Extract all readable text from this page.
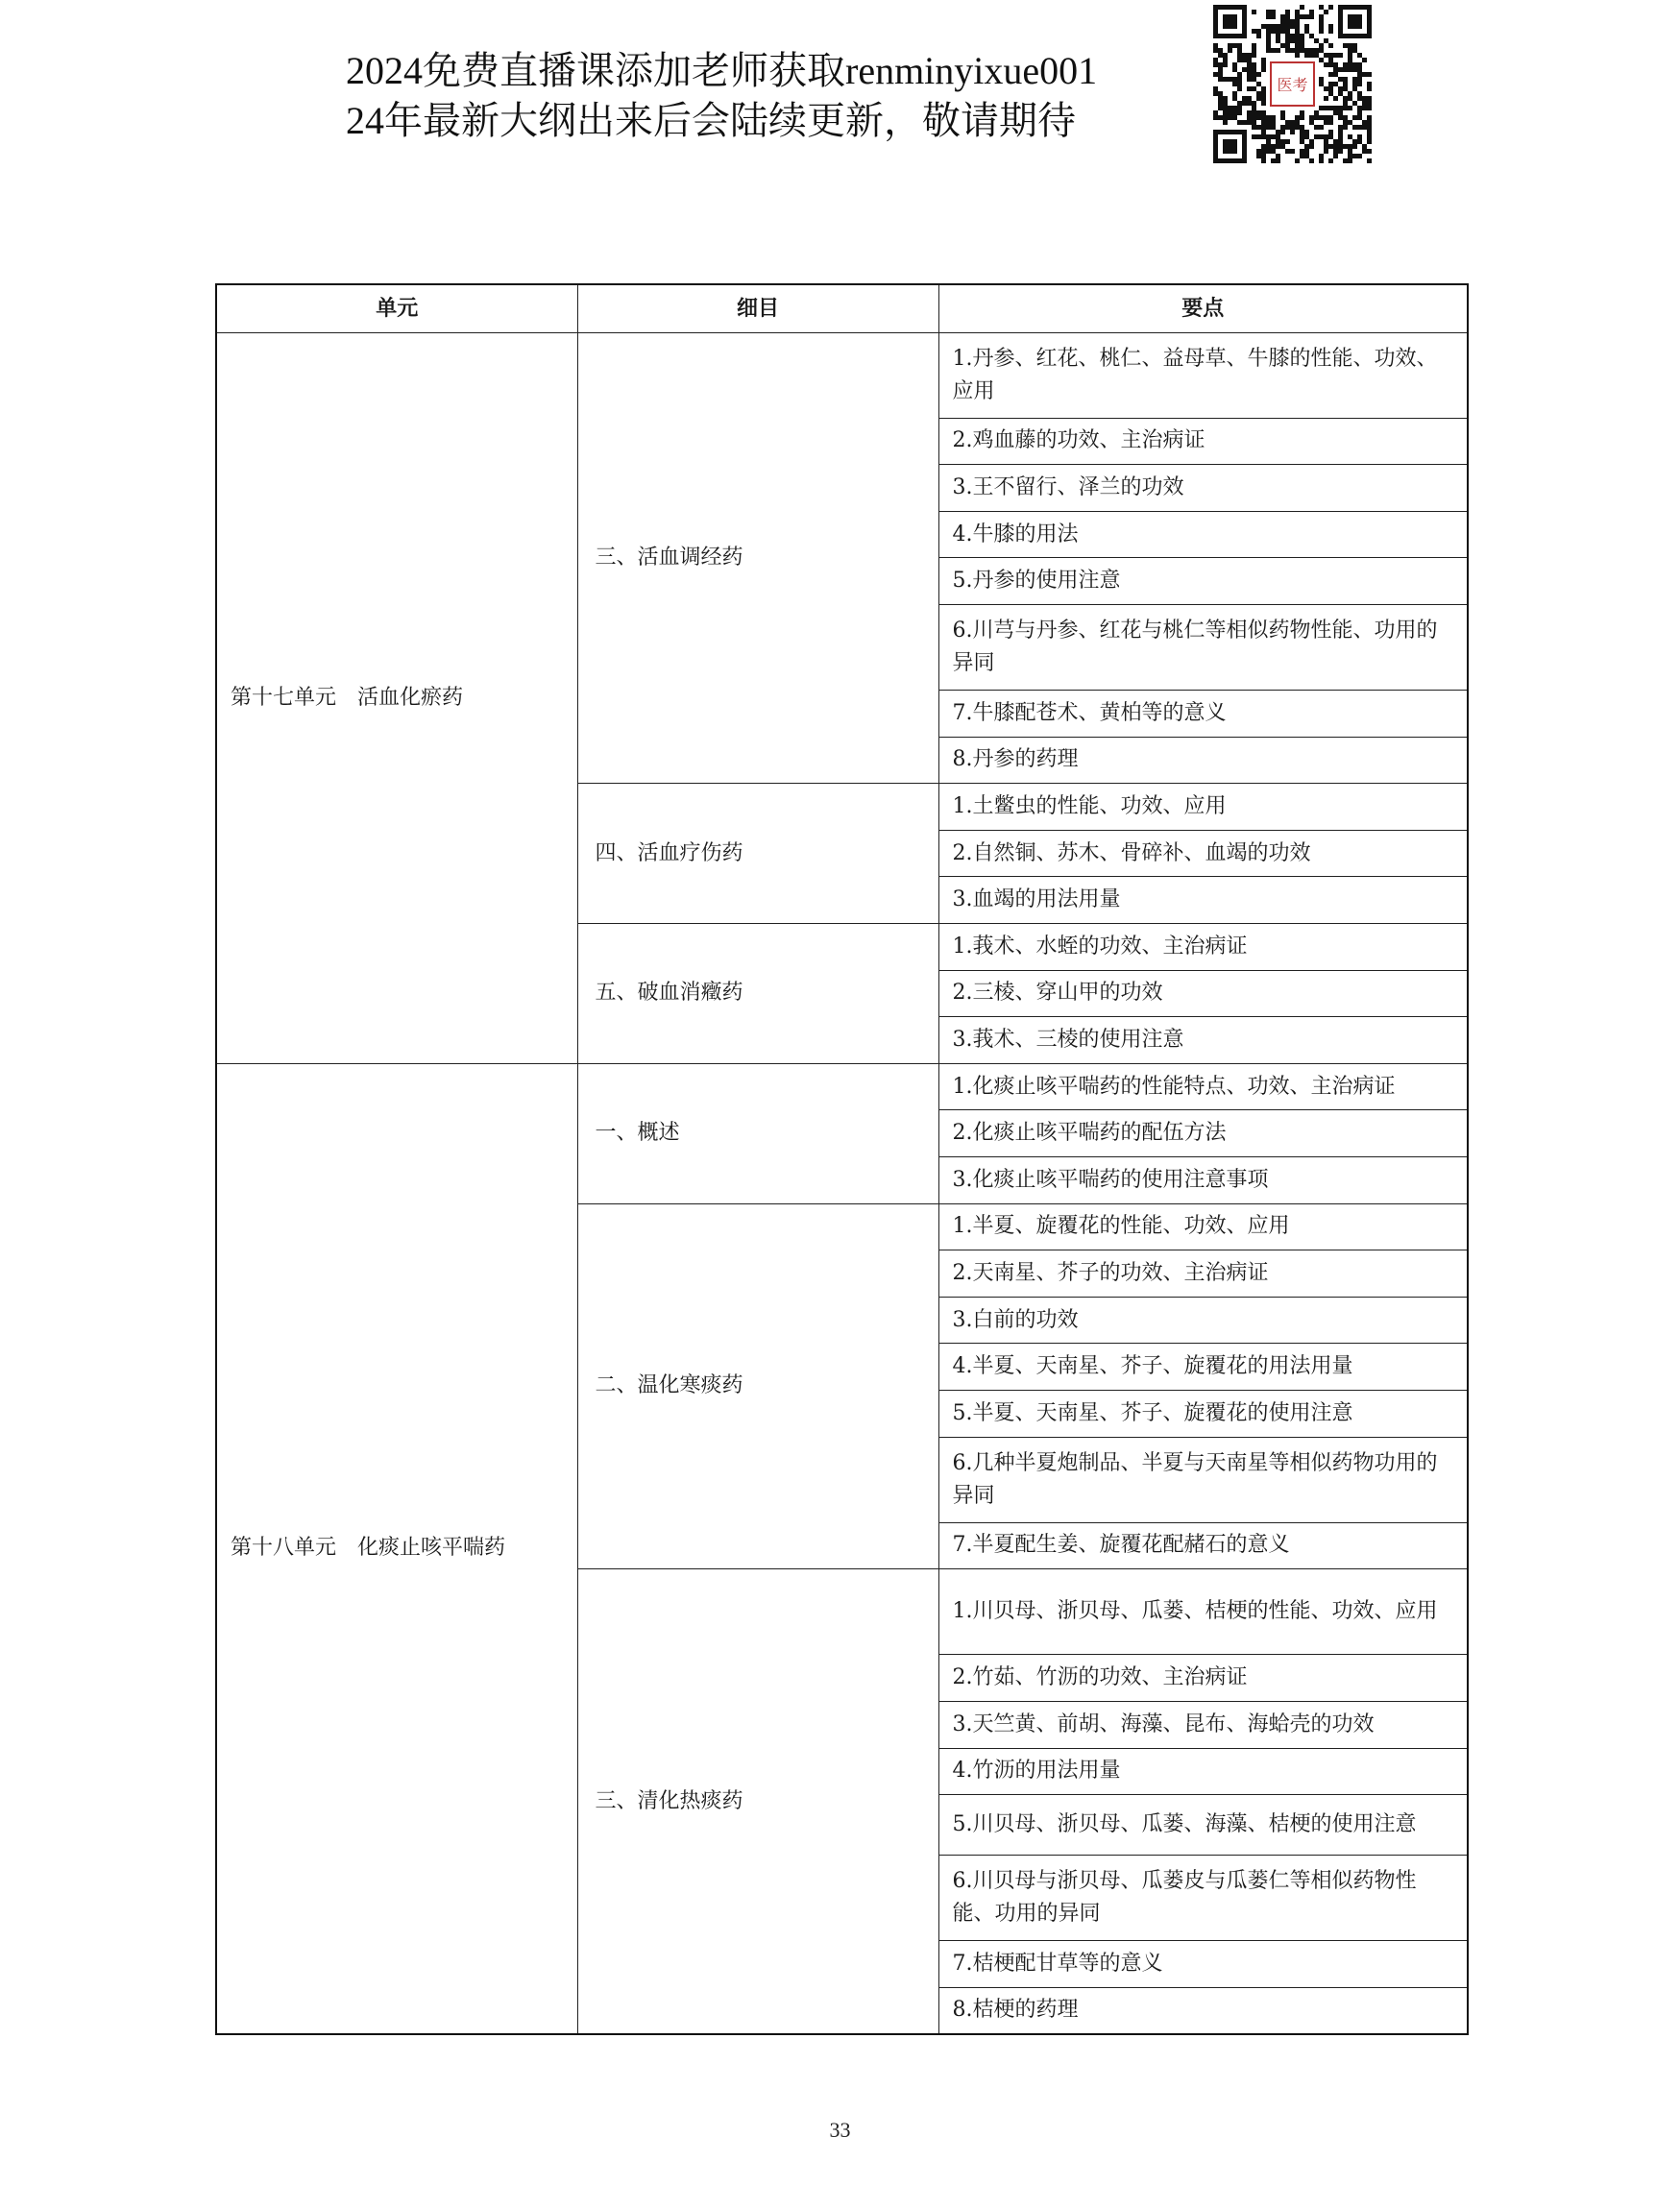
2024免费直播课添加老师获取renminyixue001
24年最新大纲出来后会陆续更新，敬请期待
医考
单元	细目	要点
第十七单元　活血化瘀药	三、活血调经药	1.丹参、红花、桃仁、益母草、牛膝的性能、功效、应用
		2.鸡血藤的功效、主治病证
		3.王不留行、泽兰的功效
		4.牛膝的用法
		5.丹参的使用注意
		6.川芎与丹参、红花与桃仁等相似药物性能、功用的异同
		7.牛膝配苍术、黄柏等的意义
		8.丹参的药理
	四、活血疗伤药	1.土鳖虫的性能、功效、应用
		2.自然铜、苏木、骨碎补、血竭的功效
		3.血竭的用法用量
	五、破血消癥药	1.莪术、水蛭的功效、主治病证
		2.三棱、穿山甲的功效
		3.莪术、三棱的使用注意
第十八单元　化痰止咳平喘药	一、概述	1.化痰止咳平喘药的性能特点、功效、主治病证
		2.化痰止咳平喘药的配伍方法
		3.化痰止咳平喘药的使用注意事项
	二、温化寒痰药	1.半夏、旋覆花的性能、功效、应用
		2.天南星、芥子的功效、主治病证
		3.白前的功效
		4.半夏、天南星、芥子、旋覆花的用法用量
		5.半夏、天南星、芥子、旋覆花的使用注意
		6.几种半夏炮制品、半夏与天南星等相似药物功用的异同
		7.半夏配生姜、旋覆花配赭石的意义
	三、清化热痰药	1.川贝母、浙贝母、瓜蒌、桔梗的性能、功效、应用
		2.竹茹、竹沥的功效、主治病证
		3.天竺黄、前胡、海藻、昆布、海蛤壳的功效
		4.竹沥的用法用量
		5.川贝母、浙贝母、瓜蒌、海藻、桔梗的使用注意
		6.川贝母与浙贝母、瓜蒌皮与瓜蒌仁等相似药物性能、功用的异同
		7.桔梗配甘草等的意义
		8.桔梗的药理
33
